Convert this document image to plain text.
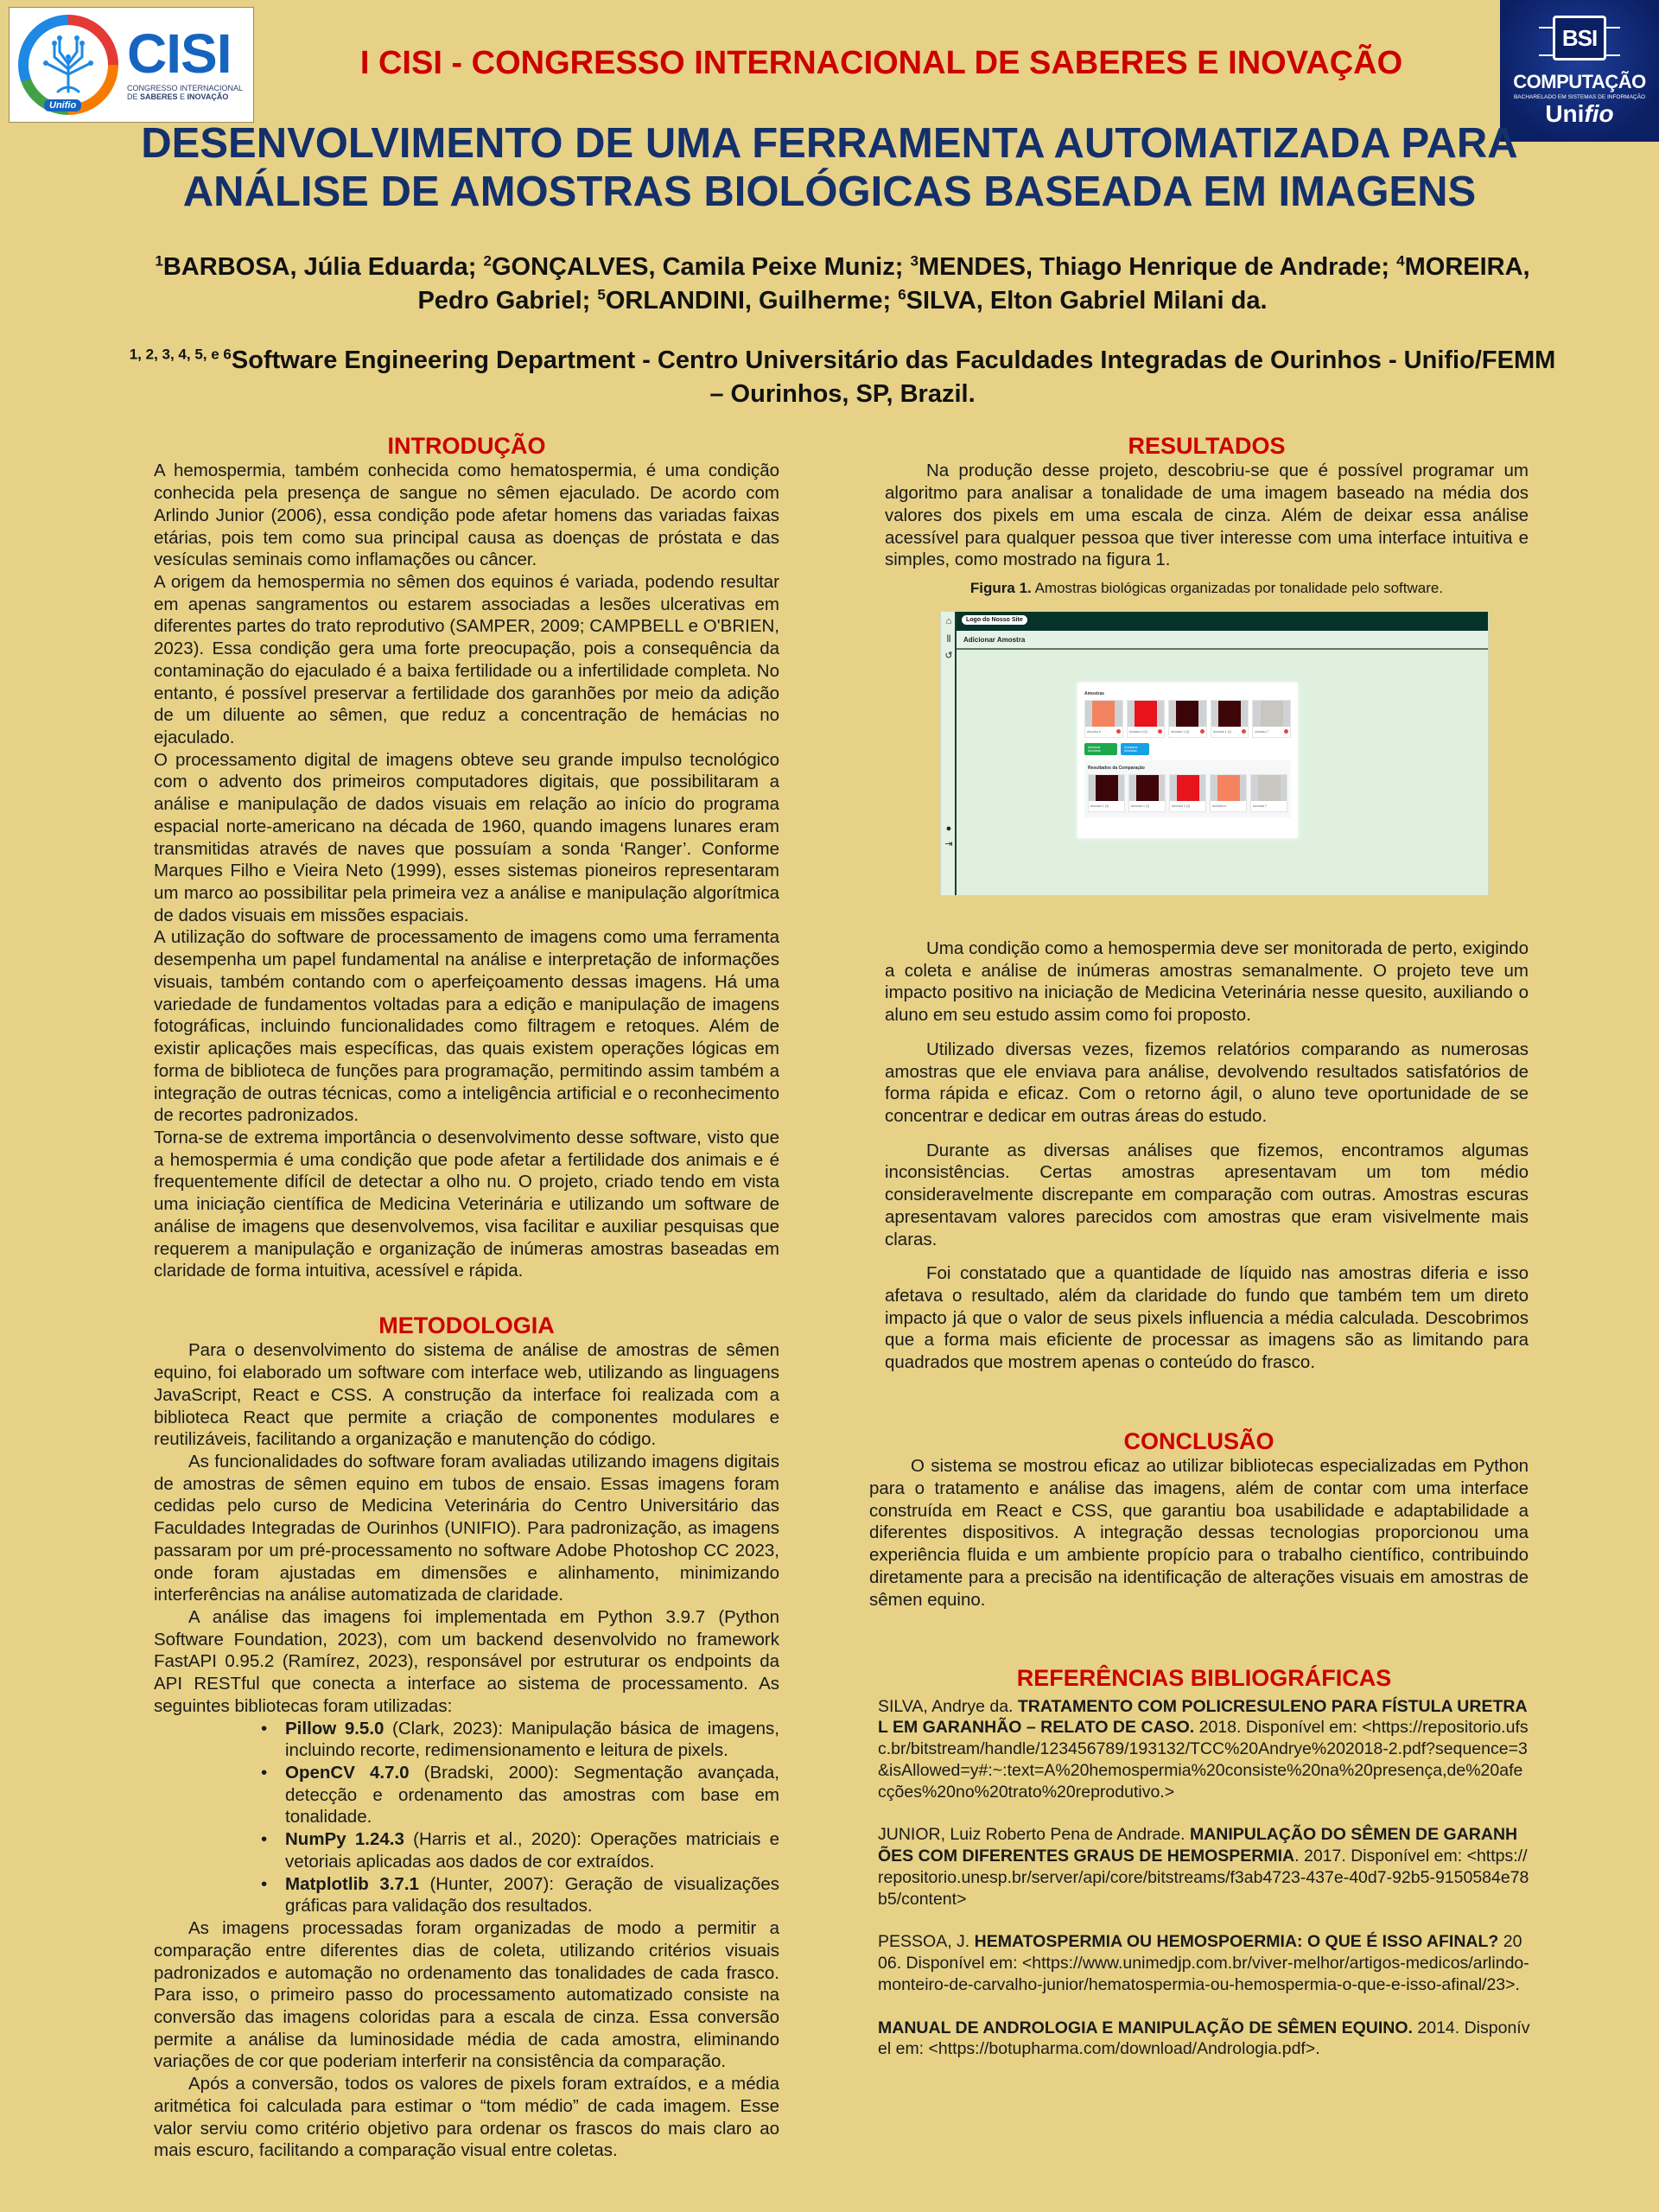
Unifio
CISI
CONGRESSO INTERNACIONAL
DE SABERES E INOVAÇÃO
I CISI - CONGRESSO INTERNACIONAL DE SABERES E INOVAÇÃO
BSI
COMPUTAÇÃO
BACHARELADO EM SISTEMAS DE INFORMAÇÃO
Unifio
DESENVOLVIMENTO DE UMA FERRAMENTA AUTOMATIZADA PARA
ANÁLISE DE AMOSTRAS BIOLÓGICAS BASEADA EM IMAGENS
$^1$BARBOSA, Júlia Eduarda; $^2$GONÇALVES, Camila Peixe Muniz; $^3$MENDES, Thiago Henrique de Andrade; $^4$MOREIRA, Pedro Gabriel; $^5$ORLANDINI, Guilherme; $^6$SILVA, Elton Gabriel Milani da.
$^{1, 2, 3, 4, 5, e 6}$Software Engineering Department - Centro Universitário das Faculdades Integradas de Ourinhos - Unifio/FEMM – Ourinhos, SP, Brazil.
INTRODUÇÃO

A hemospermia, também conhecida como hematospermia, é uma condição conhecida pela presença de sangue no sêmen ejaculado. De acordo com Arlindo Junior (2006), essa condição pode afetar homens das variadas faixas etárias, pois tem como sua principal causa as doenças de próstata e das vesículas seminais como inflamações ou câncer.

A origem da hemospermia no sêmen dos equinos é variada, podendo resultar em apenas sangramentos ou estarem associadas a lesões ulcerativas em diferentes partes do trato reprodutivo (SAMPER, 2009; CAMPBELL e O'BRIEN, 2023). Essa condição gera uma forte preocupação, pois a consequência da contaminação do ejaculado é a baixa fertilidade ou a infertilidade completa. No entanto, é possível preservar a fertilidade dos garanhões por meio da adição de um diluente ao sêmen, que reduz a concentração de hemácias no ejaculado.

O processamento digital de imagens obteve seu grande impulso tecnológico com o advento dos primeiros computadores digitais, que possibilitaram a análise e manipulação de dados visuais em relação ao início do programa espacial norte-americano na década de 1960, quando imagens lunares eram transmitidas através de naves que possuíam a sonda ‘Ranger’. Conforme Marques Filho e Vieira Neto (1999), esses sistemas pioneiros representaram um marco ao possibilitar pela primeira vez a análise e manipulação algorítmica de dados visuais em missões espaciais.

A utilização do software de processamento de imagens como uma ferramenta desempenha um papel fundamental na análise e interpretação de informações visuais, também contando com o aperfeiçoamento dessas imagens. Há uma variedade de fundamentos voltadas para a edição e manipulação de imagens fotográficas, incluindo funcionalidades como filtragem e retoques. Além de existir aplicações mais específicas, das quais existem operações lógicas em forma de biblioteca de funções para programação, permitindo assim também a integração de outras técnicas, como a inteligência artificial e o reconhecimento de recortes padronizados.

Torna-se de extrema importância o desenvolvimento desse software, visto que a hemospermia é uma condição que pode afetar a fertilidade dos animais e é frequentemente difícil de detectar a olho nu. O projeto, criado tendo em vista uma iniciação científica de Medicina Veterinária e utilizando um software de análise de imagens que desenvolvemos, visa facilitar e auxiliar pesquisas que requerem a manipulação e organização de inúmeras amostras baseadas em claridade de forma intuitiva, acessível e rápida.

METODOLOGIA

Para o desenvolvimento do sistema de análise de amostras de sêmen equino, foi elaborado um software com interface web, utilizando as linguagens JavaScript, React e CSS. A construção da interface foi realizada com a biblioteca React que permite a criação de componentes modulares e reutilizáveis, facilitando a organização e manutenção do código.

As funcionalidades do software foram avaliadas utilizando imagens digitais de amostras de sêmen equino em tubos de ensaio. Essas imagens foram cedidas pelo curso de Medicina Veterinária do Centro Universitário das Faculdades Integradas de Ourinhos (UNIFIO). Para padronização, as imagens passaram por um pré-processamento no software Adobe Photoshop CC 2023, onde foram ajustadas em dimensões e alinhamento, minimizando interferências na análise automatizada de claridade.

A análise das imagens foi implementada em Python 3.9.7 (Python Software Foundation, 2023), com um backend desenvolvido no framework FastAPI 0.95.2 (Ramírez, 2023), responsável por estruturar os endpoints da API RESTful que conecta a interface ao sistema de processamento. As seguintes bibliotecas foram utilizadas:

• Pillow 9.5.0 (Clark, 2023): Manipulação básica de imagens, incluindo recorte, redimensionamento e leitura de pixels.
• OpenCV 4.7.0 (Bradski, 2000): Segmentação avançada, detecção e ordenamento das amostras com base em tonalidade.
• NumPy 1.24.3 (Harris et al., 2020): Operações matriciais e vetoriais aplicadas aos dados de cor extraídos.
• Matplotlib 3.7.1 (Hunter, 2007): Geração de visualizações gráficas para validação dos resultados.

As imagens processadas foram organizadas de modo a permitir a comparação entre diferentes dias de coleta, utilizando critérios visuais padronizados e automação no ordenamento das tonalidades de cada frasco. Para isso, o primeiro passo do processamento automatizado consiste na conversão das imagens coloridas para a escala de cinza. Essa conversão permite a análise da luminosidade média de cada amostra, eliminando variações de cor que poderiam interferir na consistência da comparação.

Após a conversão, todos os valores de pixels foram extraídos, e a média aritmética foi calculada para estimar o “tom médio” de cada imagem. Esse valor serviu como critério objetivo para ordenar os frascos do mais claro ao mais escuro, facilitando a comparação visual entre coletas.

RESULTADOS

Na produção desse projeto, descobriu-se que é possível programar um algoritmo para analisar a tonalidade de uma imagem baseado na média dos valores dos pixels em uma escala de cinza. Além de deixar essa análise acessível para qualquer pessoa que tiver interesse com uma interface intuitiva e simples, como mostrado na figura 1.

Figura 1. Amostras biológicas organizadas por tonalidade pelo software.

⌂
⫴
↺
●
⇥
Logo do Nosso Site
Adicionar Amostra
Amostras
Amostra 6	Amostra 3 (3)	Amostra 1 (3)	Amostra 1 (2)	Amostra 7
Adicionar Amostras
Comparar Amostras
Resultados da Comparação
Amostra 1 (3)	Amostra 1 (2)	Amostra 3 (3)	Amostra 6	Amostra 7

Uma condição como a hemospermia deve ser monitorada de perto, exigindo a coleta e análise de inúmeras amostras semanalmente. O projeto teve um impacto positivo na iniciação de Medicina Veterinária nesse quesito, auxiliando o aluno em seu estudo assim como foi proposto.

Utilizado diversas vezes, fizemos relatórios comparando as numerosas amostras que ele enviava para análise, devolvendo resultados satisfatórios de forma rápida e eficaz. Com o retorno ágil, o aluno teve oportunidade de se concentrar e dedicar em outras áreas do estudo.

Durante as diversas análises que fizemos, encontramos algumas inconsistências. Certas amostras apresentavam um tom médio consideravelmente discrepante em comparação com outras. Amostras escuras apresentavam valores parecidos com amostras que eram visivelmente mais claras.

Foi constatado que a quantidade de líquido nas amostras diferia e isso afetava o resultado, além da claridade do fundo que também tem um direto impacto já que o valor de seus pixels influencia a média calculada. Descobrimos que a forma mais eficiente de processar as imagens são as limitando para quadrados que mostrem apenas o conteúdo do frasco.

CONCLUSÃO

O sistema se mostrou eficaz ao utilizar bibliotecas especializadas em Python para o tratamento e análise das imagens, além de contar com uma interface construída em React e CSS, que garantiu boa usabilidade e adaptabilidade a diferentes dispositivos. A integração dessas tecnologias proporcionou uma experiência fluida e um ambiente propício para o trabalho científico, contribuindo diretamente para a precisão na identificação de alterações visuais em amostras de sêmen equino.

REFERÊNCIAS BIBLIOGRÁFICAS

SILVA, Andrye da. TRATAMENTO COM POLICRESULENO PARA FÍSTULA URETRAL EM GARANHÃO – RELATO DE CASO. 2018. Disponível em: <https://repositorio.ufsc.br/bitstream/handle/123456789/193132/TCC%20Andrye%202018-2.pdf?sequence=3&isAllowed=y#:~:text=A%20hemospermia%20consiste%20na%20presença,de%20afecções%20no%20trato%20reprodutivo.>

JUNIOR, Luiz Roberto Pena de Andrade. MANIPULAÇÃO DO SÊMEN DE GARANHÕES COM DIFERENTES GRAUS DE HEMOSPERMIA. 2017. Disponível em: <https://repositorio.unesp.br/server/api/core/bitstreams/f3ab4723-437e-40d7-92b5-9150584e78b5/content>

PESSOA, J. HEMATOSPERMIA OU HEMOSPOERMIA: O QUE É ISSO AFINAL? 2006. Disponível em: <https://www.unimedjp.com.br/viver-melhor/artigos-medicos/arlindo-monteiro-de-carvalho-junior/hematospermia-ou-hemospermia-o-que-e-isso-afinal/23>.

MANUAL DE ANDROLOGIA E MANIPULAÇÃO DE SÊMEN EQUINO. 2014. Disponível em: <https://botupharma.com/download/Andrologia.pdf>.
